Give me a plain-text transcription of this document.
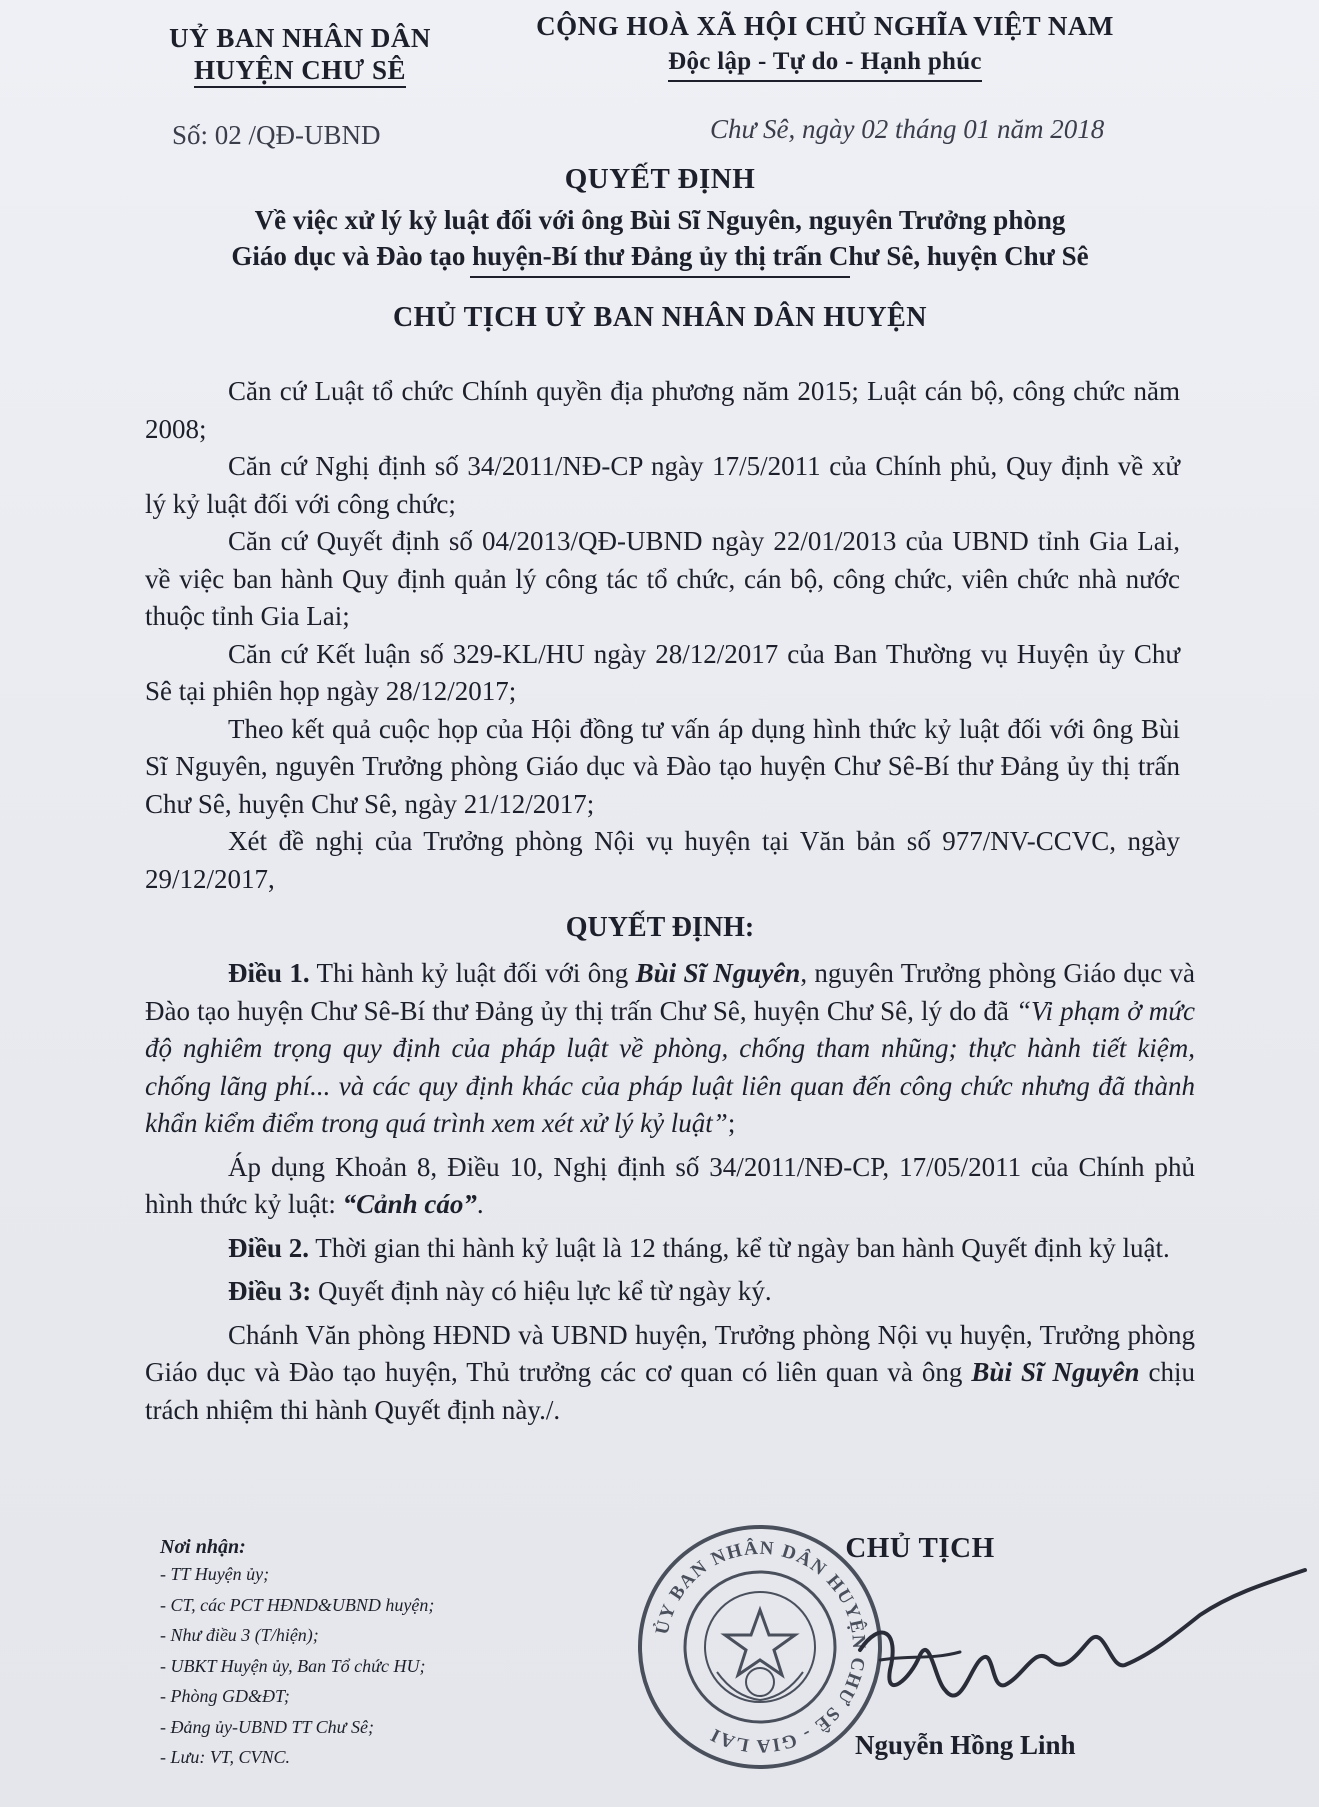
UỶ BAN NHÂN DÂN
HUYỆN CHƯ SÊ
Số: 02 /QĐ-UBND
CỘNG HOÀ XÃ HỘI CHỦ NGHĨA VIỆT NAM
Độc lập - Tự do - Hạnh phúc
Chư Sê, ngày 02 tháng 01 năm 2018
QUYẾT ĐỊNH
Về việc xử lý kỷ luật đối với ông Bùi Sĩ Nguyên, nguyên Trưởng phòng
Giáo dục và Đào tạo huyện-Bí thư Đảng ủy thị trấn Chư Sê, huyện Chư Sê
CHỦ TỊCH UỶ BAN NHÂN DÂN HUYỆN

Căn cứ Luật tổ chức Chính quyền địa phương năm 2015; Luật cán bộ, công chức năm 2008;

Căn cứ Nghị định số 34/2011/NĐ-CP ngày 17/5/2011 của Chính phủ, Quy định về xử lý kỷ luật đối với công chức;

Căn cứ Quyết định số 04/2013/QĐ-UBND ngày 22/01/2013 của UBND tỉnh Gia Lai, về việc ban hành Quy định quản lý công tác tổ chức, cán bộ, công chức, viên chức nhà nước thuộc tỉnh Gia Lai;

Căn cứ Kết luận số 329-KL/HU ngày 28/12/2017 của Ban Thường vụ Huyện ủy Chư Sê tại phiên họp ngày 28/12/2017;

Theo kết quả cuộc họp của Hội đồng tư vấn áp dụng hình thức kỷ luật đối với ông Bùi Sĩ Nguyên, nguyên Trưởng phòng Giáo dục và Đào tạo huyện Chư Sê-Bí thư Đảng ủy thị trấn Chư Sê, huyện Chư Sê, ngày 21/12/2017;

Xét đề nghị của Trưởng phòng Nội vụ huyện tại Văn bản số 977/NV-CCVC, ngày 29/12/2017,

QUYẾT ĐỊNH:

Điều 1. Thi hành kỷ luật đối với ông Bùi Sĩ Nguyên, nguyên Trưởng phòng Giáo dục và Đào tạo huyện Chư Sê-Bí thư Đảng ủy thị trấn Chư Sê, huyện Chư Sê, lý do đã “Vi phạm ở mức độ nghiêm trọng quy định của pháp luật về phòng, chống tham nhũng; thực hành tiết kiệm, chống lãng phí... và các quy định khác của pháp luật liên quan đến công chức nhưng đã thành khẩn kiểm điểm trong quá trình xem xét xử lý kỷ luật”;

Áp dụng Khoản 8, Điều 10, Nghị định số 34/2011/NĐ-CP, 17/05/2011 của Chính phủ hình thức kỷ luật: “Cảnh cáo”.

Điều 2. Thời gian thi hành kỷ luật là 12 tháng, kể từ ngày ban hành Quyết định kỷ luật.

Điều 3: Quyết định này có hiệu lực kể từ ngày ký.

Chánh Văn phòng HĐND và UBND huyện, Trưởng phòng Nội vụ huyện, Trưởng phòng Giáo dục và Đào tạo huyện, Thủ trưởng các cơ quan có liên quan và ông Bùi Sĩ Nguyên chịu trách nhiệm thi hành Quyết định này./.

Nơi nhận:
- TT Huyện ủy;
- CT, các PCT HĐND&UBND huyện;
- Như điều 3 (T/hiện);
- UBKT Huyện ủy, Ban Tổ chức HU;
- Phòng GD&ĐT;
- Đảng ủy-UBND TT Chư Sê;
- Lưu: VT, CVNC.
ỦY BAN NHÂN DÂN HUYỆN CHƯ SÊ - GIA LAI
CHỦ TỊCH
Nguyễn Hồng Linh
